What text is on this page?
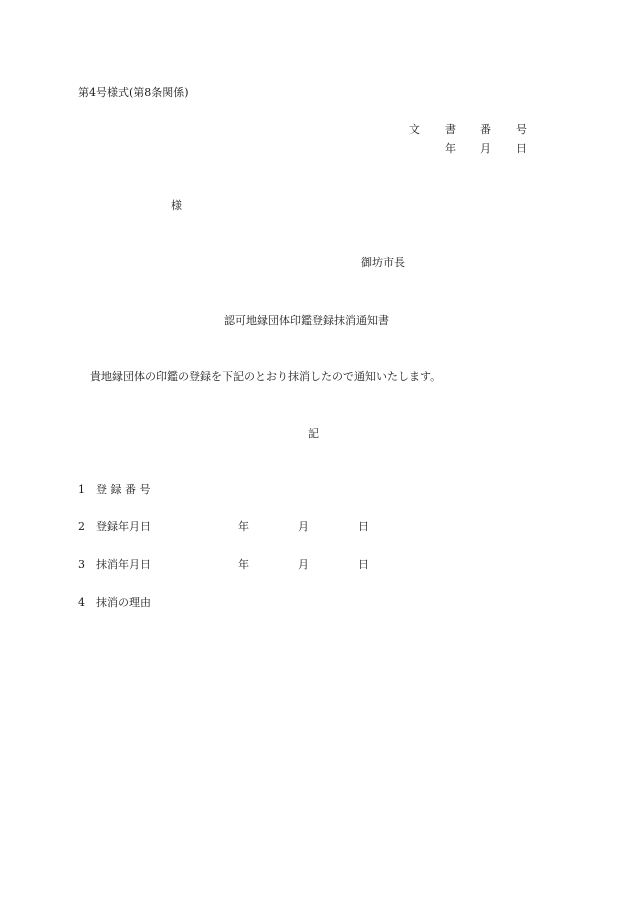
第4号様式(第8条関係)
文 書 番 号
年 月 日
様
御坊市長
認可地縁団体印鑑登録抹消通知書
貴地縁団体の印鑑の登録を下記のとおり抹消したので通知いたします。
記
1 登 録 番 号
2 登録年月日	年	月	日
3 抹消年月日	年	月	日
4 抹消の理由
